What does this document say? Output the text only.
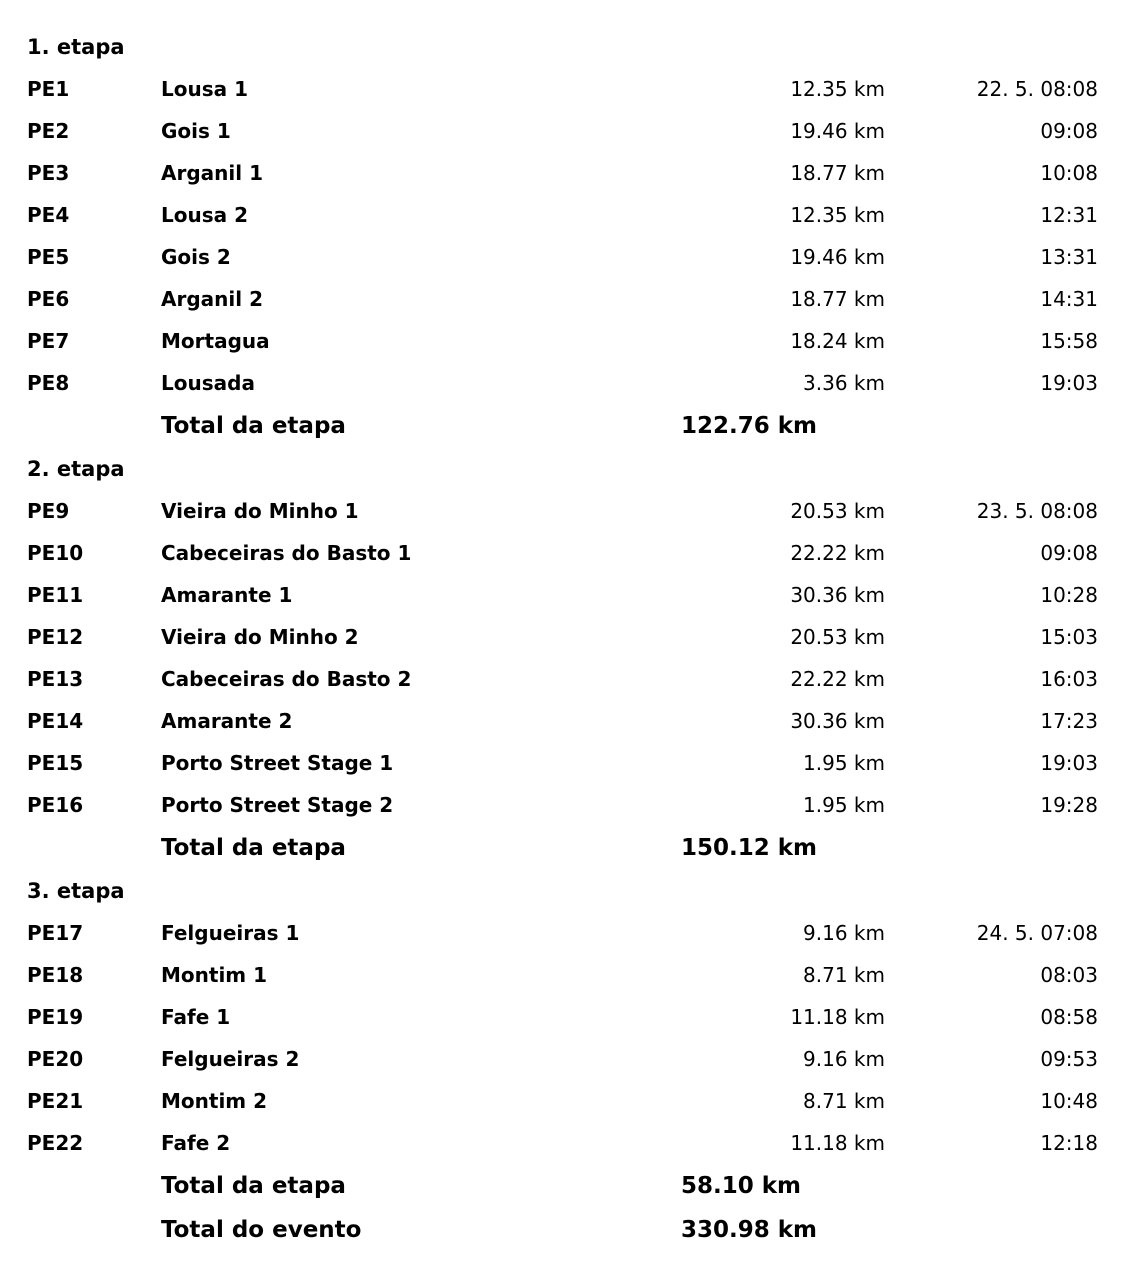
1. etapa
PE1	Lousa 1	12.35 km	22. 5. 08:08
PE2	Gois 1	19.46 km	09:08
PE3	Arganil 1	18.77 km	10:08
PE4	Lousa 2	12.35 km	12:31
PE5	Gois 2	19.46 km	13:31
PE6	Arganil 2	18.77 km	14:31
PE7	Mortagua	18.24 km	15:58
PE8	Lousada	3.36 km	19:03
Total da etapa	122.76 km
2. etapa
PE9	Vieira do Minho 1	20.53 km	23. 5. 08:08
PE10	Cabeceiras do Basto 1	22.22 km	09:08
PE11	Amarante 1	30.36 km	10:28
PE12	Vieira do Minho 2	20.53 km	15:03
PE13	Cabeceiras do Basto 2	22.22 km	16:03
PE14	Amarante 2	30.36 km	17:23
PE15	Porto Street Stage 1	1.95 km	19:03
PE16	Porto Street Stage 2	1.95 km	19:28
Total da etapa	150.12 km
3. etapa
PE17	Felgueiras 1	9.16 km	24. 5. 07:08
PE18	Montim 1	8.71 km	08:03
PE19	Fafe 1	11.18 km	08:58
PE20	Felgueiras 2	9.16 km	09:53
PE21	Montim 2	8.71 km	10:48
PE22	Fafe 2	11.18 km	12:18
Total da etapa	58.10 km
Total do evento	330.98 km
